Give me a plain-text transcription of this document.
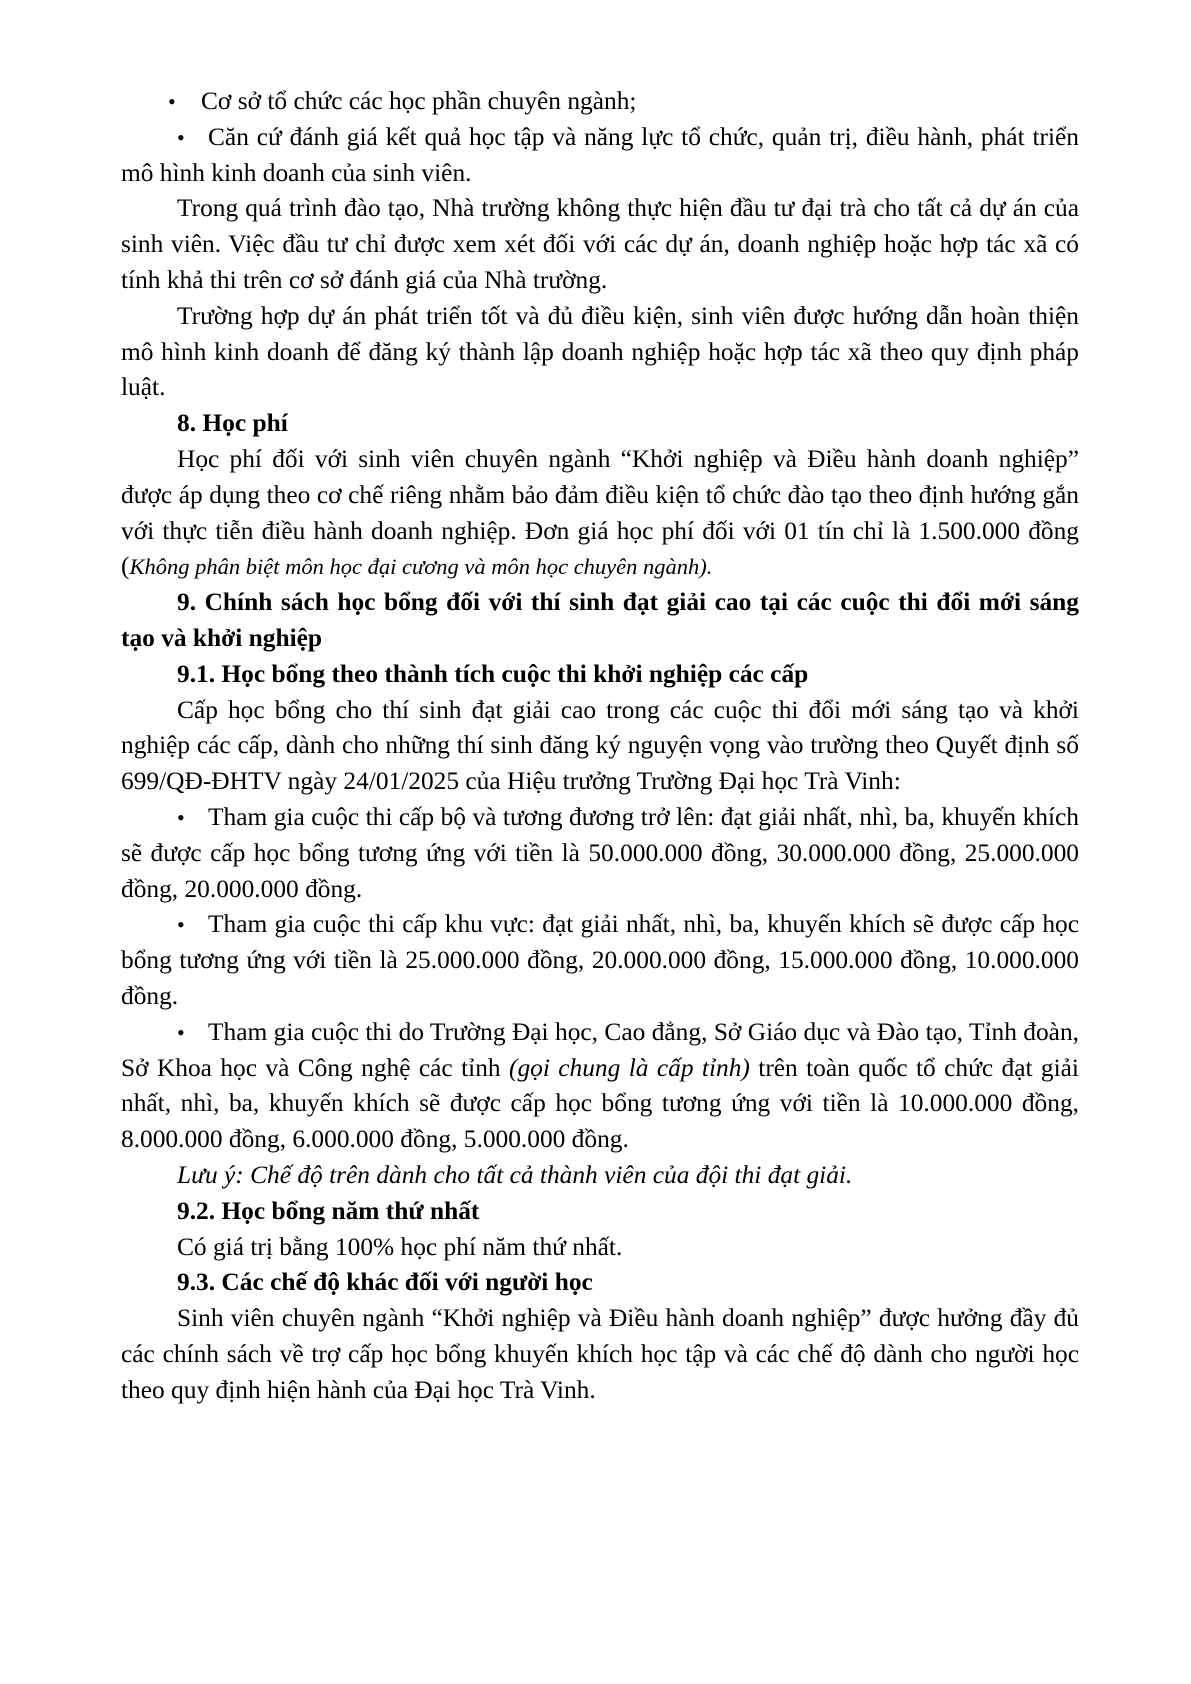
• Cơ sở tổ chức các học phần chuyên ngành;

• Căn cứ đánh giá kết quả học tập và năng lực tổ chức, quản trị, điều hành, phát triển mô hình kinh doanh của sinh viên.

Trong quá trình đào tạo, Nhà trường không thực hiện đầu tư đại trà cho tất cả dự án của sinh viên. Việc đầu tư chỉ được xem xét đối với các dự án, doanh nghiệp hoặc hợp tác xã có tính khả thi trên cơ sở đánh giá của Nhà trường.

Trường hợp dự án phát triển tốt và đủ điều kiện, sinh viên được hướng dẫn hoàn thiện mô hình kinh doanh để đăng ký thành lập doanh nghiệp hoặc hợp tác xã theo quy định pháp luật.

8. Học phí

Học phí đối với sinh viên chuyên ngành “Khởi nghiệp và Điều hành doanh nghiệp” được áp dụng theo cơ chế riêng nhằm bảo đảm điều kiện tổ chức đào tạo theo định hướng gắn với thực tiễn điều hành doanh nghiệp. Đơn giá học phí đối với 01 tín chỉ là 1.500.000 đồng (Không phân biệt môn học đại cương và môn học chuyên ngành).

9. Chính sách học bổng đối với thí sinh đạt giải cao tại các cuộc thi đổi mới sáng tạo và khởi nghiệp

9.1. Học bổng theo thành tích cuộc thi khởi nghiệp các cấp

Cấp học bổng cho thí sinh đạt giải cao trong các cuộc thi đổi mới sáng tạo và khởi nghiệp các cấp, dành cho những thí sinh đăng ký nguyện vọng vào trường theo Quyết định số 699/QĐ-ĐHTV ngày 24/01/2025 của Hiệu trưởng Trường Đại học Trà Vinh:

• Tham gia cuộc thi cấp bộ và tương đương trở lên: đạt giải nhất, nhì, ba, khuyến khích sẽ được cấp học bổng tương ứng với tiền là 50.000.000 đồng, 30.000.000 đồng, 25.000.000 đồng, 20.000.000 đồng.

• Tham gia cuộc thi cấp khu vực: đạt giải nhất, nhì, ba, khuyến khích sẽ được cấp học bổng tương ứng với tiền là 25.000.000 đồng, 20.000.000 đồng, 15.000.000 đồng, 10.000.000 đồng.

• Tham gia cuộc thi do Trường Đại học, Cao đẳng, Sở Giáo dục và Đào tạo, Tỉnh đoàn, Sở Khoa học và Công nghệ các tỉnh (gọi chung là cấp tỉnh) trên toàn quốc tổ chức đạt giải nhất, nhì, ba, khuyến khích sẽ được cấp học bổng tương ứng với tiền là 10.000.000 đồng, 8.000.000 đồng, 6.000.000 đồng, 5.000.000 đồng.

Lưu ý: Chế độ trên dành cho tất cả thành viên của đội thi đạt giải.

9.2. Học bổng năm thứ nhất

Có giá trị bằng 100% học phí năm thứ nhất.

9.3. Các chế độ khác đối với người học

Sinh viên chuyên ngành “Khởi nghiệp và Điều hành doanh nghiệp” được hưởng đầy đủ các chính sách về trợ cấp học bổng khuyến khích học tập và các chế độ dành cho người học theo quy định hiện hành của Đại học Trà Vinh.
